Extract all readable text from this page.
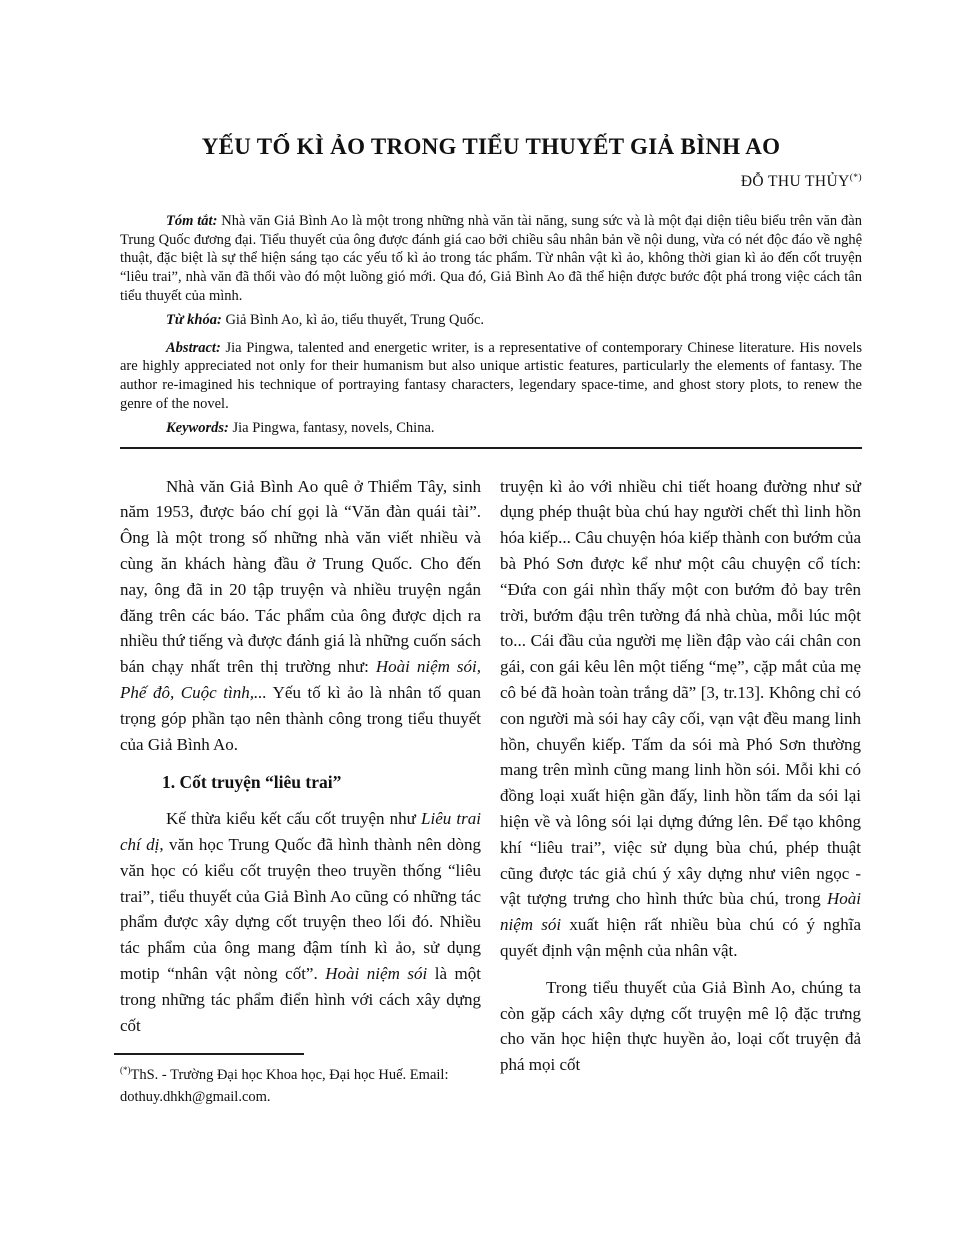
YẾU TỐ KÌ ẢO TRONG TIỂU THUYẾT GIẢ BÌNH AO
ĐỖ THU THỦY(*)

Tóm tắt: Nhà văn Giả Bình Ao là một trong những nhà văn tài năng, sung sức và là một đại diện tiêu biểu trên văn đàn Trung Quốc đương đại. Tiểu thuyết của ông được đánh giá cao bởi chiều sâu nhân bản về nội dung, vừa có nét độc đáo về nghệ thuật, đặc biệt là sự thể hiện sáng tạo các yếu tố kì ảo trong tác phẩm. Từ nhân vật kì ảo, không thời gian kì ảo đến cốt truyện “liêu trai”, nhà văn đã thổi vào đó một luồng gió mới. Qua đó, Giả Bình Ao đã thể hiện được bước đột phá trong việc cách tân tiểu thuyết của mình.

Từ khóa: Giả Bình Ao, kì ảo, tiểu thuyết, Trung Quốc.

Abstract: Jia Pingwa, talented and energetic writer, is a representative of contemporary Chinese literature. His novels are highly appreciated not only for their humanism but also unique artistic features, particularly the elements of fantasy. The author re-imagined his technique of portraying fantasy characters, legendary space-time, and ghost story plots, to renew the genre of the novel.

Keywords: Jia Pingwa, fantasy, novels, China.

Nhà văn Giả Bình Ao quê ở Thiểm Tây, sinh năm 1953, được báo chí gọi là “Văn đàn quái tài”. Ông là một trong số những nhà văn viết nhiều và cùng ăn khách hàng đầu ở Trung Quốc. Cho đến nay, ông đã in 20 tập truyện và nhiều truyện ngắn đăng trên các báo. Tác phẩm của ông được dịch ra nhiều thứ tiếng và được đánh giá là những cuốn sách bán chạy nhất trên thị trường như: Hoài niệm sói, Phế đô, Cuộc tình,... Yếu tố kì ảo là nhân tố quan trọng góp phần tạo nên thành công trong tiểu thuyết của Giả Bình Ao.

1. Cốt truyện “liêu trai”

Kế thừa kiểu kết cấu cốt truyện như Liêu trai chí dị, văn học Trung Quốc đã hình thành nên dòng văn học có kiểu cốt truyện theo truyền thống “liêu trai”, tiểu thuyết của Giả Bình Ao cũng có những tác phẩm được xây dựng cốt truyện theo lối đó. Nhiều tác phẩm của ông mang đậm tính kì ảo, sử dụng motip “nhân vật nòng cốt”. Hoài niệm sói là một trong những tác phẩm điển hình với cách xây dựng cốt

(*)ThS. - Trường Đại học Khoa học, Đại học Huế. Email: dothuy.dhkh@gmail.com.

truyện kì ảo với nhiều chi tiết hoang đường như sử dụng phép thuật bùa chú hay người chết thì linh hồn hóa kiếp... Câu chuyện hóa kiếp thành con bướm của bà Phó Sơn được kể như một câu chuyện cổ tích: “Đứa con gái nhìn thấy một con bướm đỏ bay trên trời, bướm đậu trên tường đá nhà chùa, mỗi lúc một to... Cái đầu của người mẹ liền đập vào cái chân con gái, con gái kêu lên một tiếng “mẹ”, cặp mắt của mẹ cô bé đã hoàn toàn trắng dã” [3, tr.13]. Không chỉ có con người mà sói hay cây cối, vạn vật đều mang linh hồn, chuyển kiếp. Tấm da sói mà Phó Sơn thường mang trên mình cũng mang linh hồn sói. Mỗi khi có đồng loại xuất hiện gần đấy, linh hồn tấm da sói lại hiện về và lông sói lại dựng đứng lên. Để tạo không khí “liêu trai”, việc sử dụng bùa chú, phép thuật cũng được tác giả chú ý xây dựng như viên ngọc - vật tượng trưng cho hình thức bùa chú, trong Hoài niệm sói xuất hiện rất nhiều bùa chú có ý nghĩa quyết định vận mệnh của nhân vật.

Trong tiểu thuyết của Giả Bình Ao, chúng ta còn gặp cách xây dựng cốt truyện mê lộ đặc trưng cho văn học hiện thực huyền ảo, loại cốt truyện đả phá mọi cốt
